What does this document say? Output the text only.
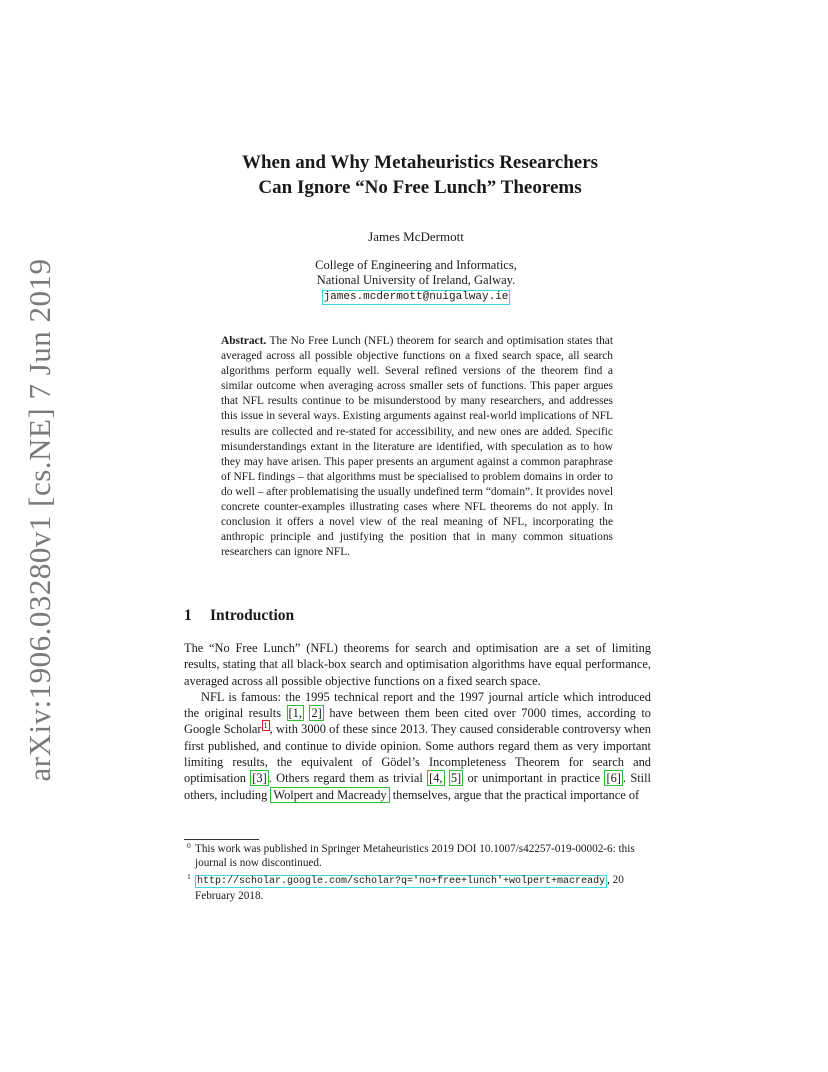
arXiv:1906.03280v1 [cs.NE] 7 Jun 2019
When and Why Metaheuristics Researchers
Can Ignore “No Free Lunch” Theorems
James McDermott
College of Engineering and Informatics,
National University of Ireland, Galway.
james.mcdermott@nuigalway.ie
Abstract. The No Free Lunch (NFL) theorem for search and optimisation states that averaged across all possible objective functions on a fixed search space, all search algorithms perform equally well. Several refined versions of the theorem find a similar outcome when averaging across smaller sets of functions. This paper argues that NFL results continue to be misunderstood by many researchers, and addresses this issue in several ways. Existing arguments against real-world implications of NFL results are collected and re-stated for accessibility, and new ones are added. Specific misunderstandings extant in the literature are identified, with speculation as to how they may have arisen. This paper presents an argument against a common paraphrase of NFL findings – that algorithms must be specialised to problem domains in order to do well – after problematising the usually undefined term “domain”. It provides novel concrete counter-examples illustrating cases where NFL theorems do not apply. In conclusion it offers a novel view of the real meaning of NFL, incorporating the anthropic principle and justifying the position that in many common situations researchers can ignore NFL.
1 Introduction

The “No Free Lunch” (NFL) theorems for search and optimisation are a set of limiting results, stating that all black-box search and optimisation algorithms have equal performance, averaged across all possible objective functions on a fixed search space.

NFL is famous: the 1995 technical report and the 1997 journal article which introduced the original results [1, 2] have between them been cited over 7000 times, according to Google Scholar $^1$ , with 3000 of these since 2013. They caused considerable controversy when first published, and continue to divide opinion. Some authors regard them as very important limiting results, the equivalent of Gödel’s Incompleteness Theorem for search and optimisation [3] . Others regard them as trivial [4, 5] or unimportant in practice [6] . Still others, including Wolpert and Macready themselves, argue that the practical importance of

0 This work was published in Springer Metaheuristics 2019 DOI 10.1007/s42257-019-00002-6: this journal is now discontinued.
1 http://scholar.google.com/scholar?q='no+free+lunch'+wolpert+macready , 20 February 2018.
